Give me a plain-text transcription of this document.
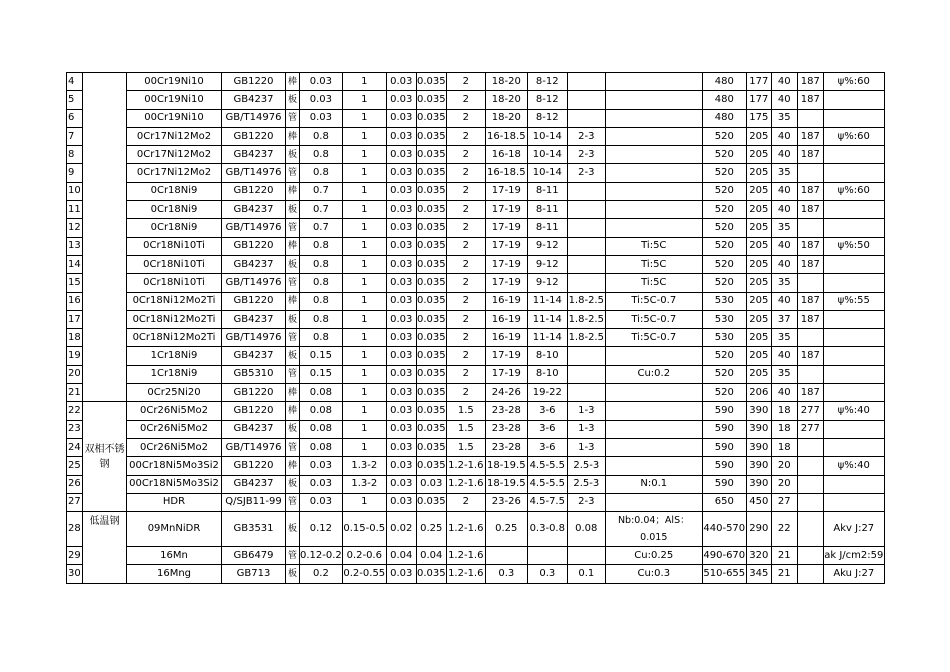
4		00Cr19Ni10	GB1220	棒	0.03	1	0.03	0.035	2	18-20	8-12			480	177	40	187	ψ%:60
5		00Cr19Ni10	GB4237	板	0.03	1	0.03	0.035	2	18-20	8-12			480	177	40	187	
6		00Cr19Ni10	GB/T14976	管	0.03	1	0.03	0.035	2	18-20	8-12			480	175	35		
7		0Cr17Ni12Mo2	GB1220	棒	0.8	1	0.03	0.035	2	16-18.5	10-14	2-3		520	205	40	187	ψ%:60
8		0Cr17Ni12Mo2	GB4237	板	0.8	1	0.03	0.035	2	16-18	10-14	2-3		520	205	40	187	
9		0Cr17Ni12Mo2	GB/T14976	管	0.8	1	0.03	0.035	2	16-18.5	10-14	2-3		520	205	35		
10		0Cr18Ni9	GB1220	棒	0.7	1	0.03	0.035	2	17-19	8-11			520	205	40	187	ψ%:60
11		0Cr18Ni9	GB4237	板	0.7	1	0.03	0.035	2	17-19	8-11			520	205	40	187	
12		0Cr18Ni9	GB/T14976	管	0.7	1	0.03	0.035	2	17-19	8-11			520	205	35		
13		0Cr18Ni10Ti	GB1220	棒	0.8	1	0.03	0.035	2	17-19	9-12		Ti:5C	520	205	40	187	ψ%:50
14		0Cr18Ni10Ti	GB4237	板	0.8	1	0.03	0.035	2	17-19	9-12		Ti:5C	520	205	40	187	
15		0Cr18Ni10Ti	GB/T14976	管	0.8	1	0.03	0.035	2	17-19	9-12		Ti:5C	520	205	35		
16		0Cr18Ni12Mo2Ti	GB1220	棒	0.8	1	0.03	0.035	2	16-19	11-14	1.8-2.5	Ti:5C-0.7	530	205	40	187	ψ%:55
17		0Cr18Ni12Mo2Ti	GB4237	板	0.8	1	0.03	0.035	2	16-19	11-14	1.8-2.5	Ti:5C-0.7	530	205	37	187	
18		0Cr18Ni12Mo2Ti	GB/T14976	管	0.8	1	0.03	0.035	2	16-19	11-14	1.8-2.5	Ti:5C-0.7	530	205	35		
19		1Cr18Ni9	GB4237	板	0.15	1	0.03	0.035	2	17-19	8-10			520	205	40	187	
20		1Cr18Ni9	GB5310	管	0.15	1	0.03	0.035	2	17-19	8-10		Cu:0.2	520	205	35		
21		0Cr25Ni20	GB1220	棒	0.08	1	0.03	0.035	2	24-26	19-22			520	206	40	187	
22	双相不锈钢	0Cr26Ni5Mo2	GB1220	棒	0.08	1	0.03	0.035	1.5	23-28	3-6	1-3		590	390	18	277	ψ%:40
23		0Cr26Ni5Mo2	GB4237	板	0.08	1	0.03	0.035	1.5	23-28	3-6	1-3		590	390	18	277	
24		0Cr26Ni5Mo2	GB/T14976	管	0.08	1	0.03	0.035	1.5	23-28	3-6	1-3		590	390	18		
25		00Cr18Ni5Mo3Si2	GB1220	棒	0.03	1.3-2	0.03	0.035	1.2-1.6	18-19.5	4.5-5.5	2.5-3		590	390	20		ψ%:40
26		00Cr18Ni5Mo3Si2	GB4237	板	0.03	1.3-2	0.03	0.03	1.2-1.6	18-19.5	4.5-5.5	2.5-3	N:0.1	590	390	20		
27		HDR	Q/SJB11-99	管	0.03	1	0.03	0.035	2	23-26	4.5-7.5	2-3		650	450	27		
28	低温钢	09MnNiDR	GB3531	板	0.12	0.15-0.5	0.02	0.25	1.2-1.6	0.25	0.3-0.8	0.08	Nb:0.04；AlS：0.015	440-570	290	22		Akv J:27
29		16Mn	GB6479	管	0.12-0.2	0.2-0.6	0.04	0.04	1.2-1.6				Cu:0.25	490-670	320	21		ak J/cm2:59
30		16Mng	GB713	板	0.2	0.2-0.55	0.03	0.035	1.2-1.6	0.3	0.3	0.1	Cu:0.3	510-655	345	21		Aku J:27
